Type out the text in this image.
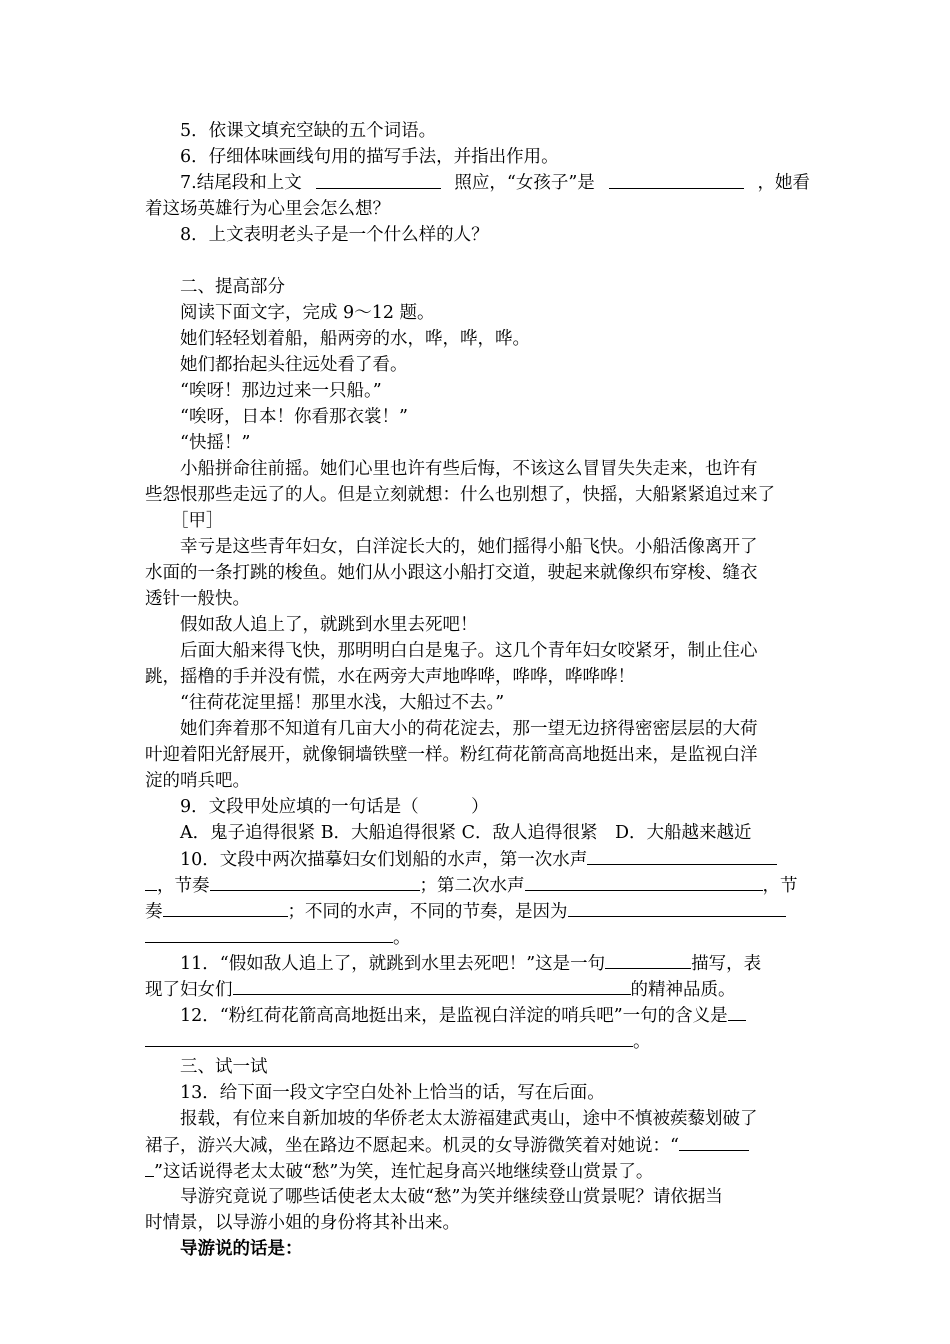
5．依课文填充空缺的五个词语。
6．仔细体味画线句用的描写手法，并指出作用。
7.结尾段和上文	照应，“女孩子”是	，她看
着这场英雄行为心里会怎么想？
8．上文表明老头子是一个什么样的人？
二、提高部分
阅读下面文字，完成 9～12 题。
她们轻轻划着船，船两旁的水，哗，哗，哗。
她们都抬起头往远处看了看。
“唉呀！那边过来一只船。”
“唉呀，日本！你看那衣裳！”
“快摇！”
小船拼命往前摇。她们心里也许有些后悔，不该这么冒冒失失走来，也许有
些怨恨那些走远了的人。但是立刻就想：什么也别想了，快摇，大船紧紧追过来了
［甲］
幸亏是这些青年妇女，白洋淀长大的，她们摇得小船飞快。小船活像离开了
水面的一条打跳的梭鱼。她们从小跟这小船打交道，驶起来就像织布穿梭、缝衣
透针一般快。
假如敌人追上了，就跳到水里去死吧！
后面大船来得飞快，那明明白白是鬼子。这几个青年妇女咬紧牙，制止住心
跳，摇橹的手并没有慌，水在两旁大声地哗哗，哗哗，哗哗哗！
“往荷花淀里摇！那里水浅，大船过不去。”
她们奔着那不知道有几亩大小的荷花淀去，那一望无边挤得密密层层的大荷
叶迎着阳光舒展开，就像铜墙铁壁一样。粉红荷花箭高高地挺出来，是监视白洋
淀的哨兵吧。
9．文段甲处应填的一句话是（　　　）
A．鬼子追得很紧 B．大船追得很紧 C．敌人追得很紧　D．大船越来越近
10．文段中两次描摹妇女们划船的水声，第一次水声
，节奏	；第二次水声	，节
奏	；不同的水声，不同的节奏，是因为
。
11．“假如敌人追上了，就跳到水里去死吧！”这是一句	描写，表
现了妇女们	的精神品质。
12．“粉红荷花箭高高地挺出来，是监视白洋淀的哨兵吧”一句的含义是
。
三、试一试
13．给下面一段文字空白处补上恰当的话，写在后面。
报载，有位来自新加坡的华侨老太太游福建武夷山，途中不慎被蒺藜划破了
裙子，游兴大减，坐在路边不愿起来。机灵的女导游微笑着对她说：“
”这话说得老太太破“愁”为笑，连忙起身高兴地继续登山赏景了。
导游究竟说了哪些话使老太太破“愁”为笑并继续登山赏景呢？请依据当
时情景，以导游小姐的身份将其补出来。
导游说的话是：
